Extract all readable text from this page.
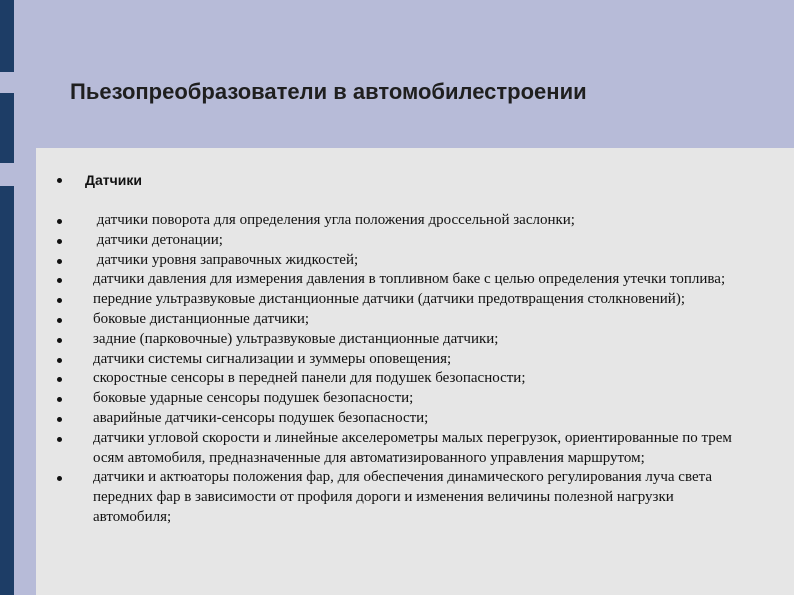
Пьезопреобразователи в автомобилестроении
Датчики
датчики поворота для определения угла положения дроссельной заслонки;
датчики детонации;
датчики уровня заправочных жидкостей;
датчики давления для измерения давления в топливном баке с целью определения утечки топлива;
передние ультразвуковые дистанционные датчики (датчики предотвращения столкновений);
боковые дистанционные датчики;
задние (парковочные) ультразвуковые дистанционные датчики;
датчики системы сигнализации и зуммеры оповещения;
скоростные сенсоры в передней панели для подушек безопасности;
боковые ударные сенсоры подушек безопасности;
аварийные датчики-сенсоры подушек безопасности;
датчики угловой скорости и линейные акселерометры малых перегрузок, ориентированные по трем осям автомобиля, предназначенные для автоматизированного управления маршрутом;
датчики и актюаторы положения фар, для обеспечения динамического регулирования луча света передних фар в зависимости от профиля дороги и изменения величины полезной нагрузки автомобиля;
